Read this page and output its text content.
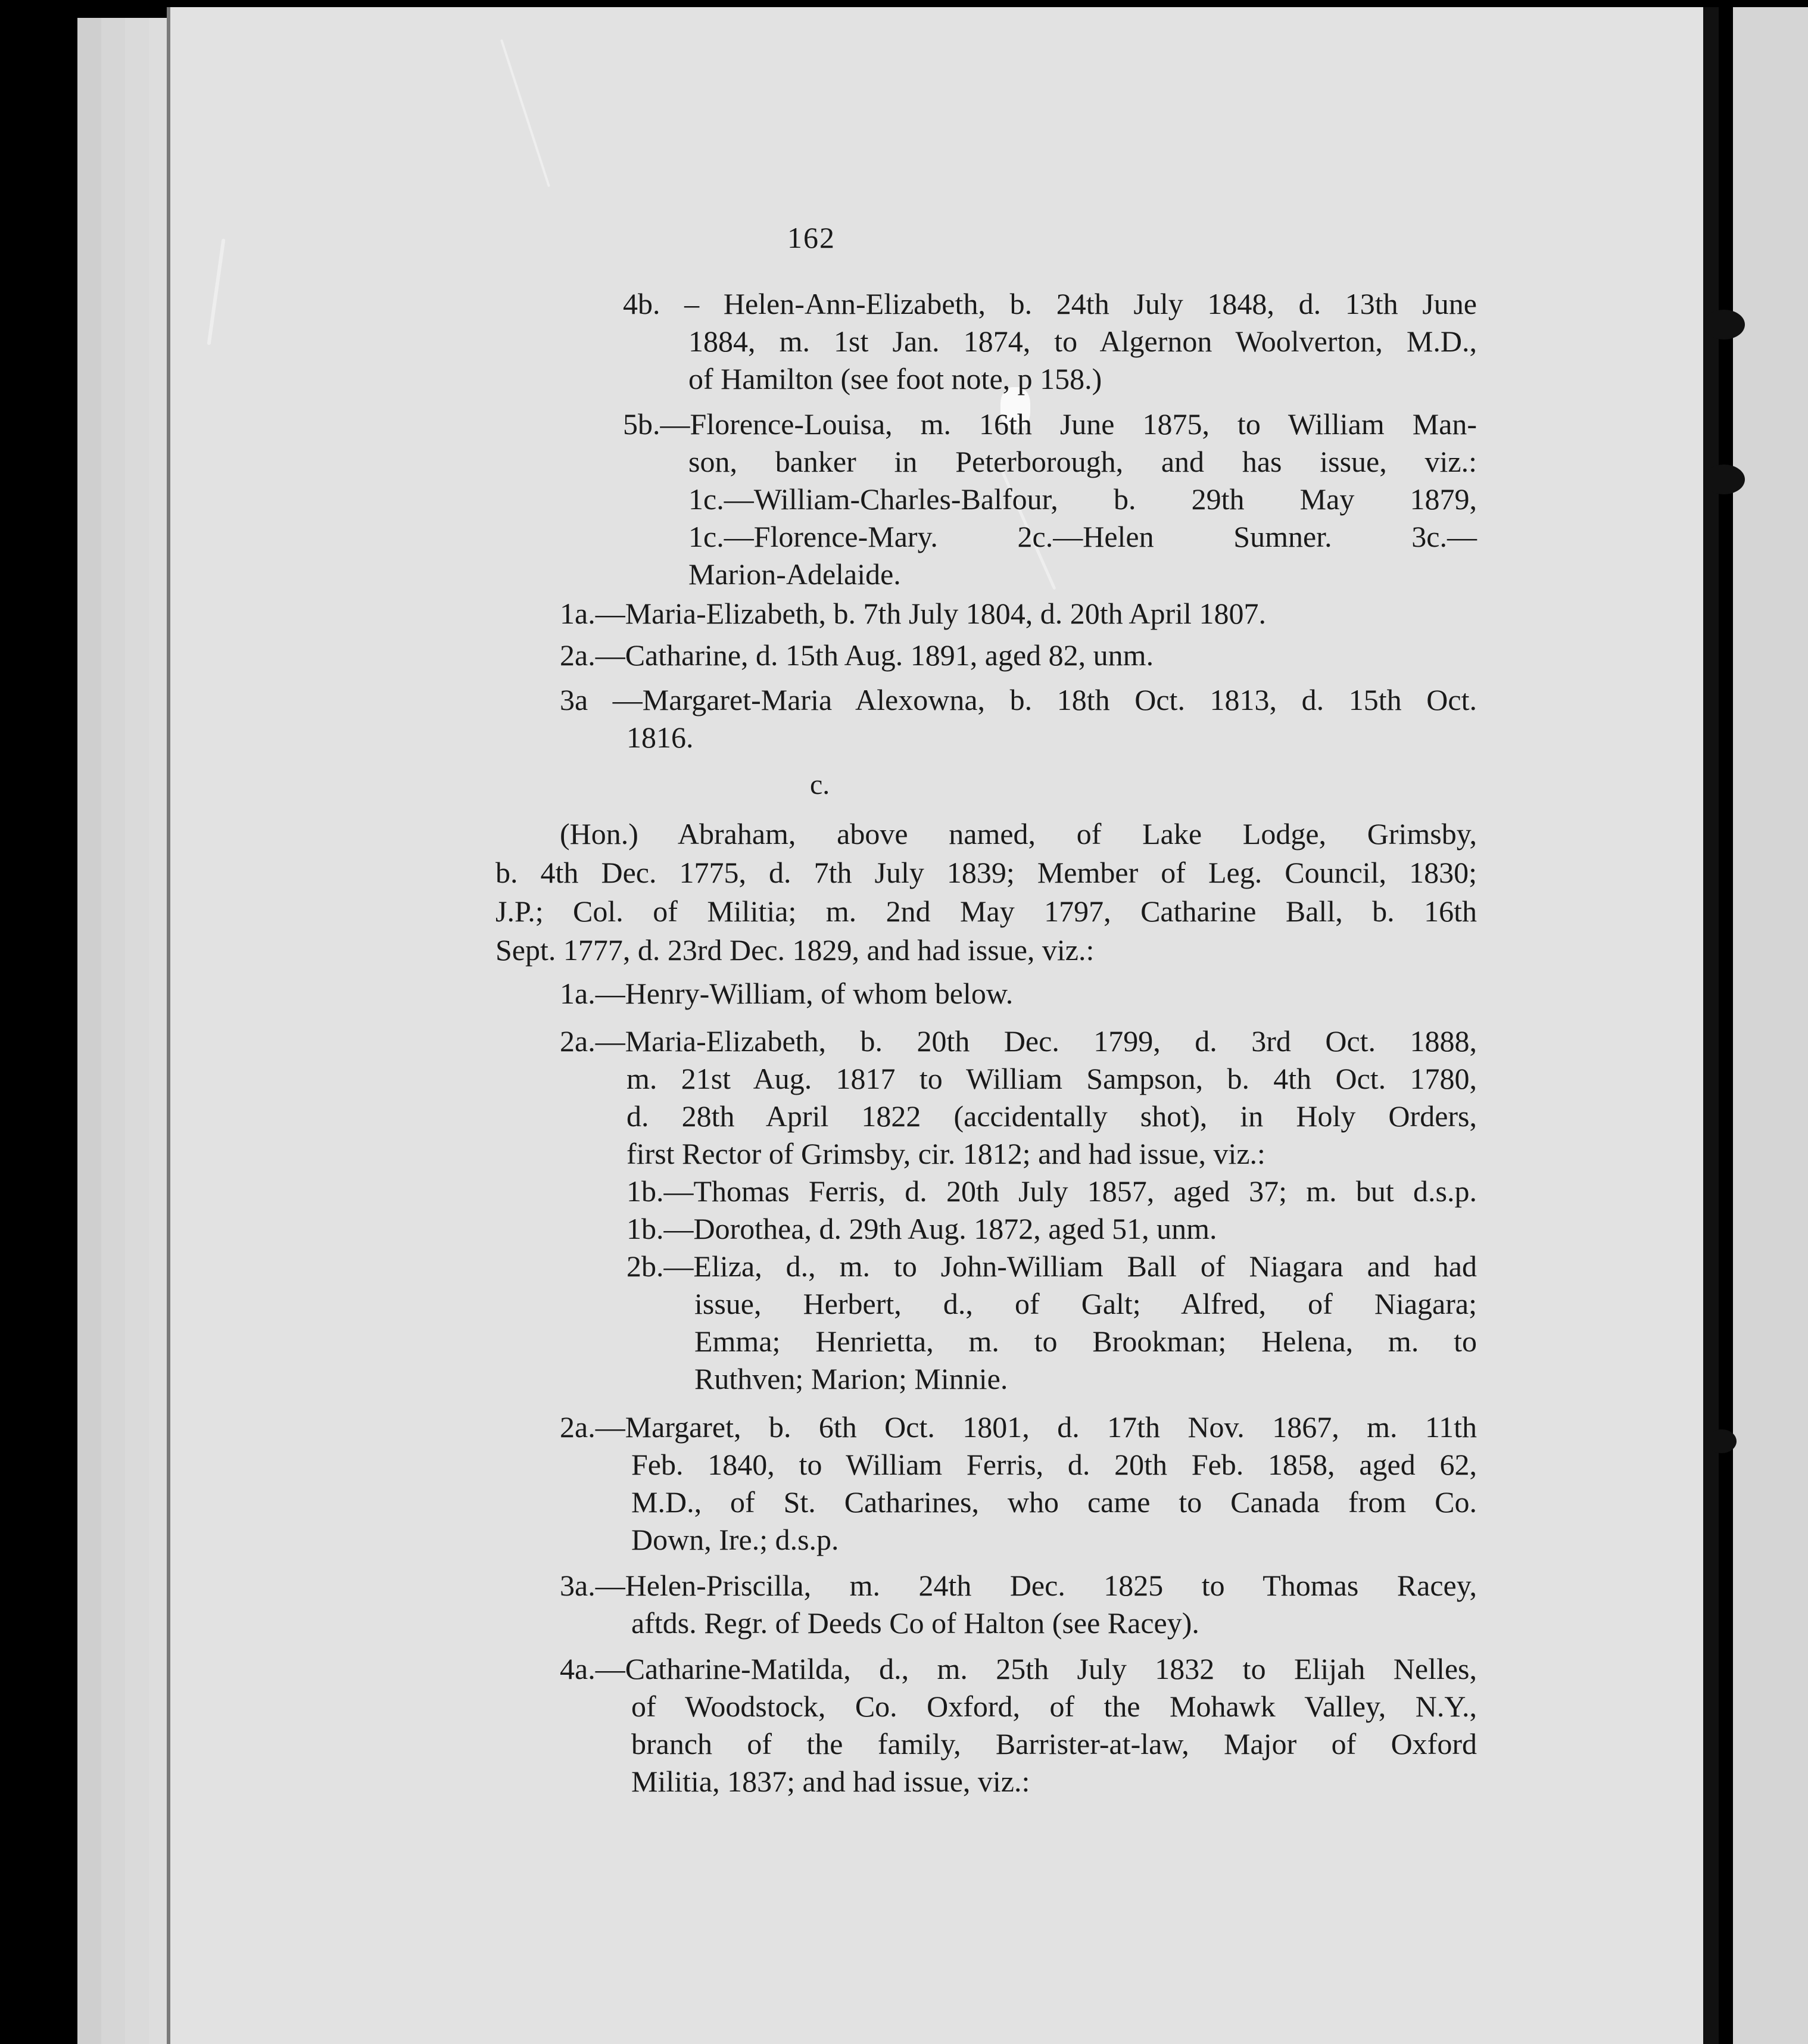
162
c.
4b. – Helen-Ann-Elizabeth, b. 24th July 1848, d. 13th June
1884, m. 1st Jan. 1874, to Algernon Woolverton, M.D.,
of Hamilton (see foot note, p 158.)
5b.—Florence-Louisa, m. 16th June 1875, to William Man-
son, banker in Peterborough, and has issue, viz.:
1c.—William-Charles-Balfour, b. 29th May 1879,
1c.—Florence-Mary. 2c.—Helen Sumner. 3c.—
Marion-Adelaide.
1a.—Maria-Elizabeth, b. 7th July 1804, d. 20th April 1807.
2a.—Catharine, d. 15th Aug. 1891, aged 82, unm.
3a —Margaret-Maria Alexowna, b. 18th Oct. 1813, d. 15th Oct.
1816.
(Hon.) Abraham, above named, of Lake Lodge, Grimsby,
b. 4th Dec. 1775, d. 7th July 1839; Member of Leg. Council, 1830;
J.P.; Col. of Militia; m. 2nd May 1797, Catharine Ball, b. 16th
Sept. 1777, d. 23rd Dec. 1829, and had issue, viz.:
1a.—Henry-William, of whom below.
2a.—Maria-Elizabeth, b. 20th Dec. 1799, d. 3rd Oct. 1888,
m. 21st Aug. 1817 to William Sampson, b. 4th Oct. 1780,
d. 28th April 1822 (accidentally shot), in Holy Orders,
first Rector of Grimsby, cir. 1812; and had issue, viz.:
1b.—Thomas Ferris, d. 20th July 1857, aged 37; m. but d.s.p.
1b.—Dorothea, d. 29th Aug. 1872, aged 51, unm.
2b.—Eliza, d., m. to John-William Ball of Niagara and had
issue, Herbert, d., of Galt; Alfred, of Niagara;
Emma; Henrietta, m. to Brookman; Helena, m. to
Ruthven; Marion; Minnie.
2a.—Margaret, b. 6th Oct. 1801, d. 17th Nov. 1867, m. 11th
Feb. 1840, to William Ferris, d. 20th Feb. 1858, aged 62,
M.D., of St. Catharines, who came to Canada from Co.
Down, Ire.; d.s.p.
3a.—Helen-Priscilla, m. 24th Dec. 1825 to Thomas Racey,
aftds. Regr. of Deeds Co of Halton (see Racey).
4a.—Catharine-Matilda, d., m. 25th July 1832 to Elijah Nelles,
of Woodstock, Co. Oxford, of the Mohawk Valley, N.Y.,
branch of the family, Barrister-at-law, Major of Oxford
Militia, 1837; and had issue, viz.:
